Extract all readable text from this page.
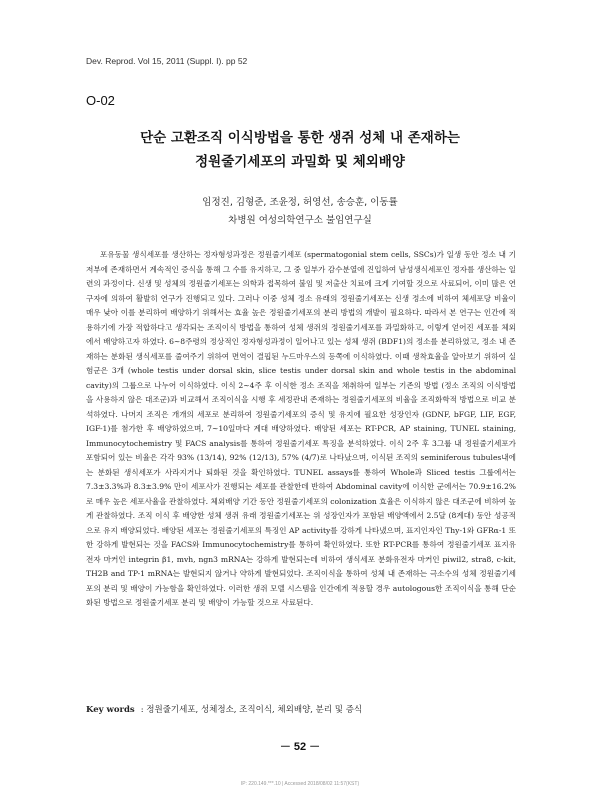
Dev. Reprod. Vol 15, 2011 (Suppl. I). pp 52
O-02
단순 고환조직 이식방법을 통한 생쥐 성체 내 존재하는
정원줄기세포의 과밀화 및 체외배양
임정진, 김형준, 조윤정, 허영선, 송승훈, 이동률
차병원 여성의학연구소 불임연구실

포유동물 생식세포를 생산하는 정자형성과정은 정원줄기세포 (spermatogonial stem cells, SSCs)가 일생 동안 정소 내 기저부에 존재하면서 계속적인 증식을 통해 그 수를 유지하고, 그 중 일부가 감수분열에 진입하여 남성생식세포인 정자를 생산하는 일련의 과정이다. 신생 및 성체의 정원줄기세포는 의학과 접목하여 불임 및 저출산 치료에 크게 기여할 것으로 사료되어, 이미 많은 연구자에 의하여 활발히 연구가 진행되고 있다. 그러나 이중 성체 정소 유래의 정원줄기세포는 신생 정소에 비하여 체세포당 비율이 매우 낮아 이를 분리하여 배양하기 위해서는 효율 높은 정원줄기세포의 분리 방법의 개발이 필요하다. 따라서 본 연구는 인간에 적용하기에 가장 적합하다고 생각되는 조직이식 방법을 통하여 성체 생쥐의 정원줄기세포를 과밀화하고, 이렇게 얻어진 세포를 체외에서 배양하고자 하였다. 6∼8주령의 정상적인 정자형성과정이 일어나고 있는 성체 생쥐 (BDF1)의 정소를 분리하였고, 정소 내 존재하는 분화된 생식세포를 줄여주기 위하여 면역이 결핍된 누드마우스의 등쪽에 이식하였다. 이때 생착효율을 알아보기 위하여 실험군은 3개 (whole testis under dorsal skin, slice testis under dorsal skin and whole testis in the abdominal cavity)의 그룹으로 나누어 이식하였다. 이식 2∼4주 후 이식한 정소 조직을 채취하여 일부는 기존의 방법 (정소 조직의 이식방법을 사용하지 않은 대조군)과 비교해서 조직이식을 시행 후 세정관내 존재하는 정원줄기세포의 비율을 조직화학적 방법으로 비교 분석하였다. 나머지 조직은 개개의 세포로 분리하여 정원줄기세포의 증식 및 유지에 필요한 성장인자 (GDNF, bFGF, LIF, EGF, IGF-1)를 첨가한 후 배양하였으며, 7∼10일마다 계대 배양하였다. 배양된 세포는 RT-PCR, AP staining, TUNEL staining, Immunocytochemistry 및 FACS analysis를 통하여 정원줄기세포 특징을 분석하였다. 이식 2주 후 3그룹 내 정원줄기세포가 포함되어 있는 비율은 각각 93% (13/14), 92% (12/13), 57% (4/7)로 나타났으며, 이식된 조직의 seminiferous tubules내에는 분화된 생식세포가 사라지거나 퇴화된 것을 확인하였다. TUNEL assays를 통하여 Whole과 Sliced testis 그룹에서는 7.3±3.3%과 8.3±3.9% 만이 세포사가 진행되는 세포를 관찰한데 반하여 Abdominal cavity에 이식한 군에서는 70.9±16.2%로 매우 높은 세포사율을 관찰하였다. 체외배양 기간 동안 정원줄기세포의 colonization 효율은 이식하지 않은 대조군에 비하여 높게 관찰하였다. 조직 이식 후 배양한 성체 생쥐 유래 정원줄기세포는 위 성장인자가 포함된 배양액에서 2.5달 (8계대) 동안 성공적으로 유지 배양되었다. 배양된 세포는 정원줄기세포의 특징인 AP activity를 강하게 나타냈으며, 표지인자인 Thy-1와 GFRα-1 또한 강하게 발현되는 것을 FACS와 Immunocytochemistry를 통하여 확인하였다. 또한 RT-PCR를 통하여 정원줄기세포 표지유전자 마커인 integrin β1, mvh, ngn3 mRNA는 강하게 발현되는데 비하여 생식세포 분화유전자 마커인 piwil2, stra8, c-kit, TH2B and TP-1 mRNA는 발현되지 않거나 약하게 발현되었다. 조직이식을 통하여 성체 내 존재하는 극소수의 성체 정원줄기세포의 분리 및 배양이 가능함을 확인하였다. 이러한 생쥐 모델 시스템을 인간에게 적용할 경우 autologous한 조직이식을 통해 단순화된 방법으로 정원줄기세포 분리 및 배양이 가능할 것으로 사료된다.

Key words : 정원줄기세포, 성체정소, 조직이식, 체외배양, 분리 및 증식
－ 52 －
IP: 220.149.***.10 | Accessed 2018/08/02 11:57(KST)
